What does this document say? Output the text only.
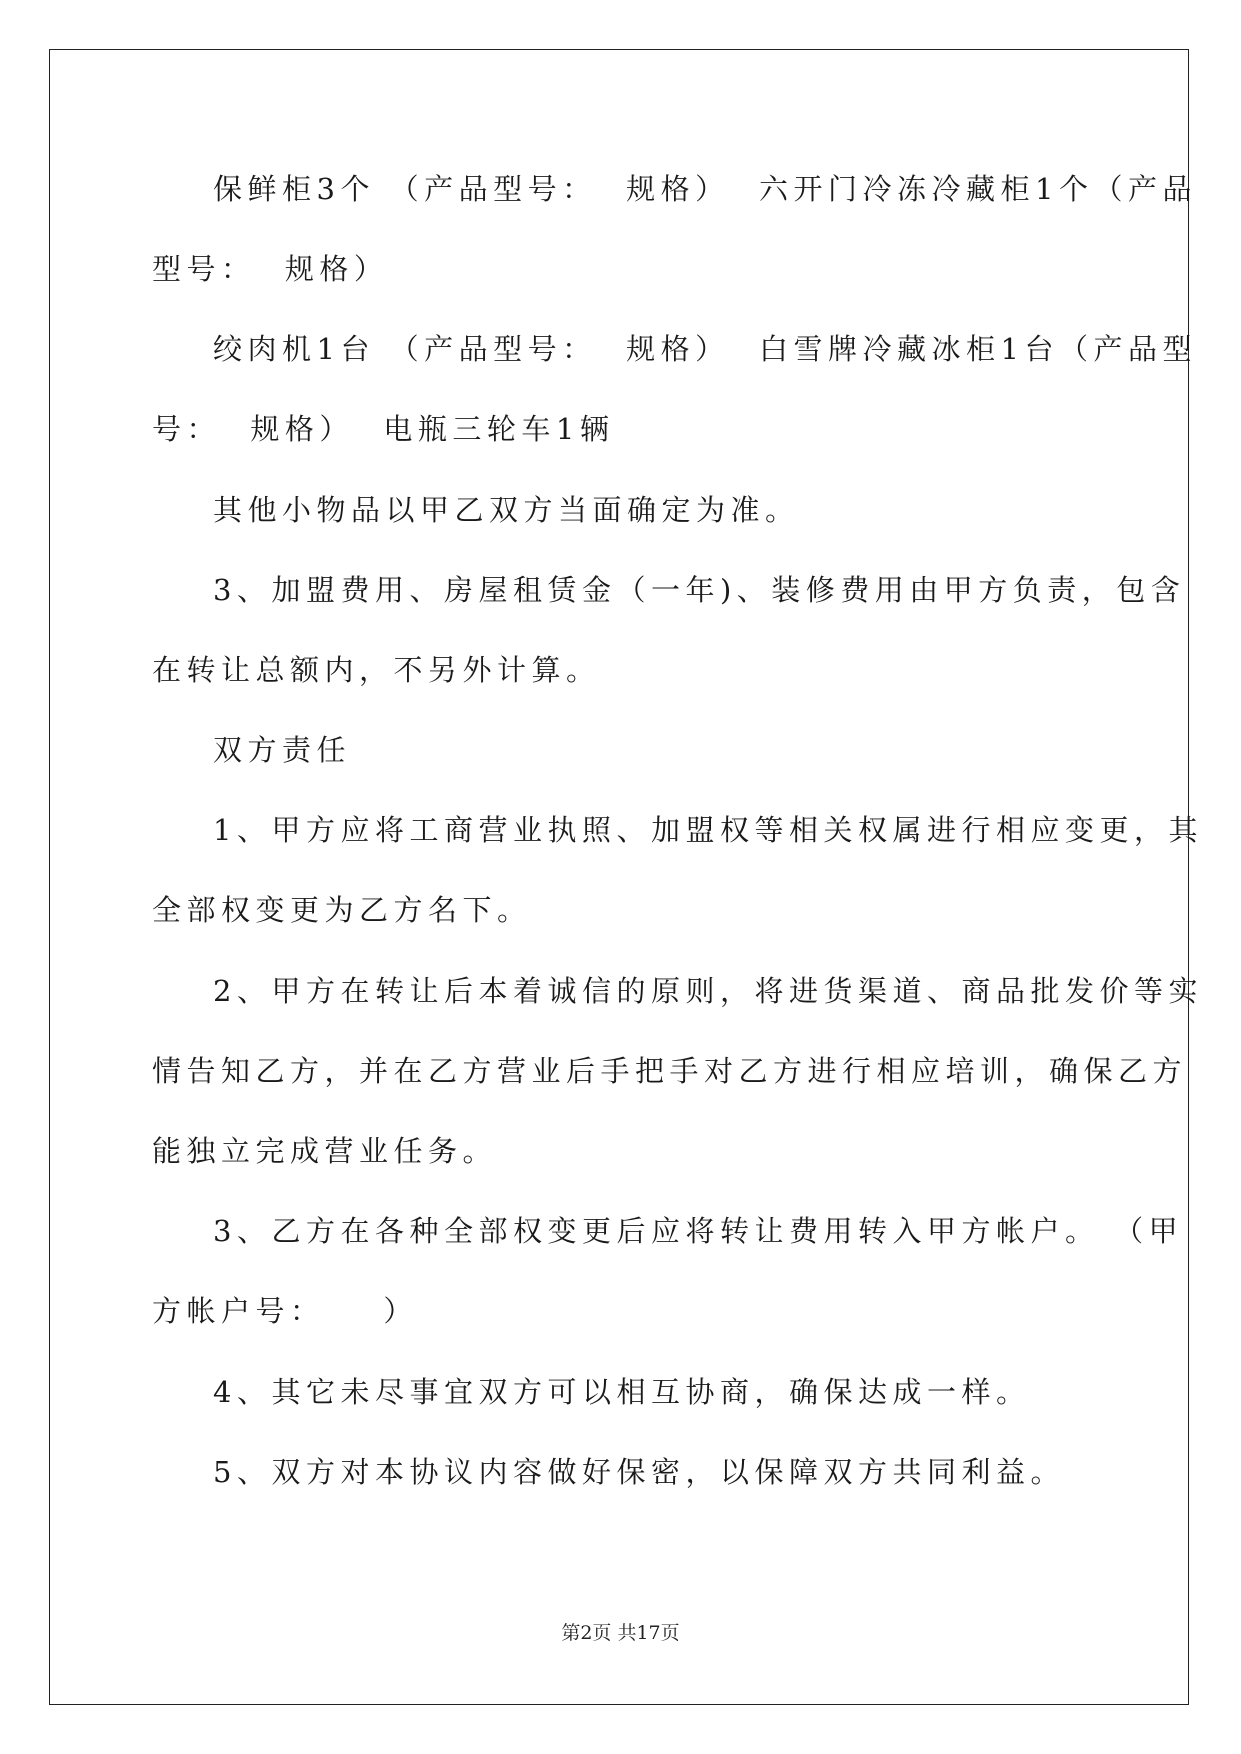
保鲜柜3个 （产品型号：  规格）  六开门冷冻冷藏柜1个（产品
型号：  规格）
绞肉机1台 （产品型号：  规格）  白雪牌冷藏冰柜1台（产品型
号：  规格）  电瓶三轮车1辆
其他小物品以甲乙双方当面确定为准。
3、加盟费用、房屋租赁金（一年)、装修费用由甲方负责，包含
在转让总额内，不另外计算。
双方责任
1、甲方应将工商营业执照、加盟权等相关权属进行相应变更，其
全部权变更为乙方名下。
2、甲方在转让后本着诚信的原则，将进货渠道、商品批发价等实
情告知乙方，并在乙方营业后手把手对乙方进行相应培训，确保乙方
能独立完成营业任务。
3、乙方在各种全部权变更后应将转让费用转入甲方帐户。 （甲
方帐户号：    ）
4、其它未尽事宜双方可以相互协商，确保达成一样。
5、双方对本协议内容做好保密，以保障双方共同利益。
第2页 共17页
